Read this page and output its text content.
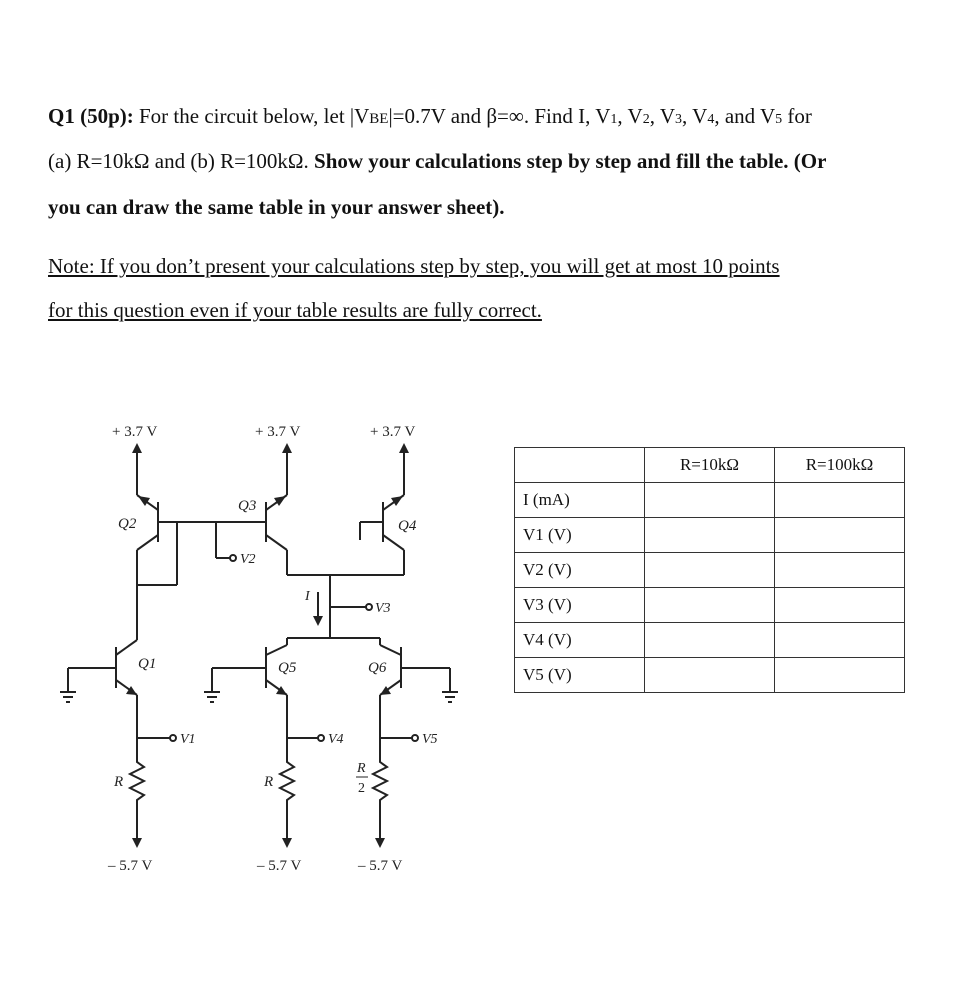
Q1 (50p): For the circuit below, let |VBE|=0.7V and β=∞. Find I, V1, V2, V3, V4, and V5 for
(a) R=10kΩ and (b) R=100kΩ. Show your calculations step by step and fill the table. (Or
you can draw the same table in your answer sheet).
Note: If you don’t present your calculations step by step, you will get at most 10 points
for this question even if your table results are fully correct.
+ 3.7 V	+ 3.7 V	+ 3.7 V
Q2
V2
Q3
Q4
V3
I
Q1
V1
Q5
V4
Q6
V5
R	R
R
2
– 5.7 V	– 5.7 V	– 5.7 V
	R=10kΩ	R=100kΩ
I (mA)		
V1 (V)		
V2 (V)		
V3 (V)		
V4 (V)		
V5 (V)		
